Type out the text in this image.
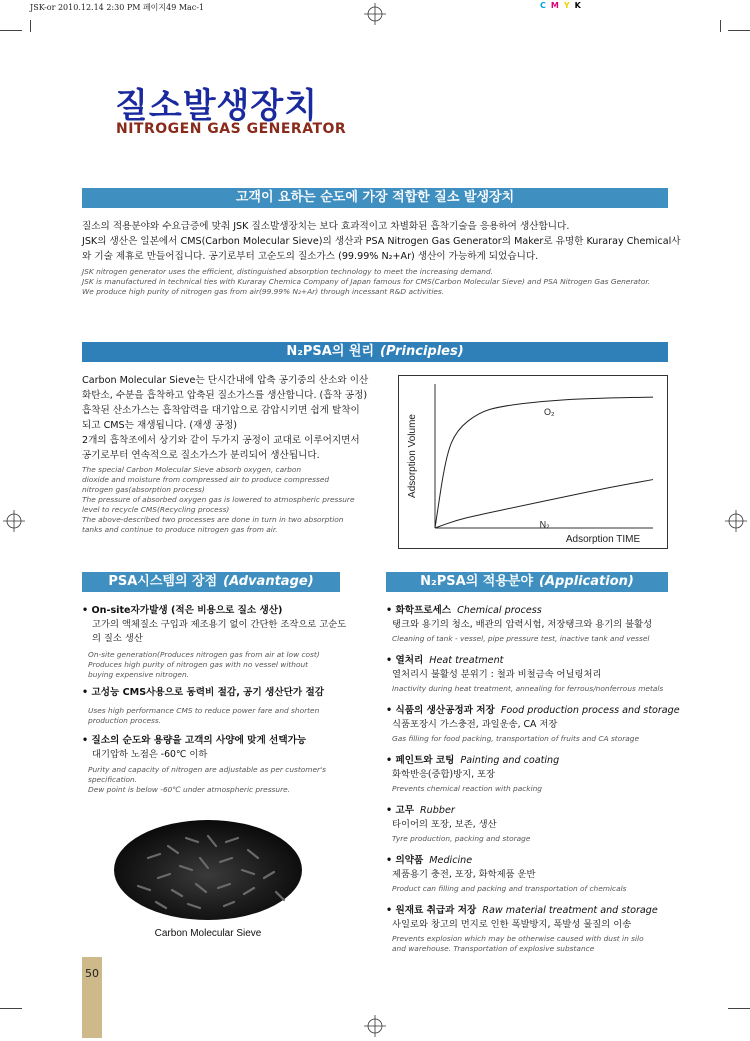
JSK-or 2010.12.14 2:30 PM 페이지49 Mac-1	CMYK
질소발생장치
NITROGEN GAS GENERATOR
고객이 요하는 순도에 가장 적합한 질소 발생장치
질소의 적용분야와 수요급증에 맞춰 JSK 질소발생장치는 보다 효과적이고 차별화된 흡착기술을 응용하여 생산합니다.
JSK의 생산은 일본에서 CMS(Carbon Molecular Sieve)의 생산과 PSA Nitrogen Gas Generator의 Maker로 유명한 Kuraray Chemical사
와 기술 제휴로 만들어집니다. 공기로부터 고순도의 질소가스 (99.99% N₂+Ar) 생산이 가능하게 되었습니다.
JSK nitrogen generator uses the efficient, distinguished absorption technology to meet the increasing demand.
JSK is manufactured in technical ties with Kuraray Chemica Company of Japan famous for CMS(Carbon Molecular Sieve) and PSA Nitrogen Gas Generator.
We produce high purity of nitrogen gas from air(99.99% N₂+Ar) through incessant R&D activities.
N₂PSA의 원리 (Principles)
Carbon Molecular Sieve는 단시간내에 압축 공기중의 산소와 이산
화탄소, 수분을 흡착하고 압축된 질소가스를 생산합니다. (흡착 공정)
흡착된 산소가스는 흡착압력을 대기압으로 감압시키면 쉽게 탈착이
되고 CMS는 재생됩니다. (재생 공정)
2개의 흡착조에서 상기와 같이 두가지 공정이 교대로 이루어지면서
공기로부터 연속적으로 질소가스가 분리되어 생산됩니다.
The special Carbon Molecular Sieve absorb oxygen, carbon
dioxide and moisture from compressed air to produce compressed
nitrogen gas(absorption process)
The pressure of absorbed oxygen gas is lowered to atmospheric pressure
level to recycle CMS(Recycling process)
The above-described two processes are done in turn in two absorption
tanks and continue to produce nitrogen gas from air.
Adsorption Volume
Adsorption TIME
O₂
N₂
PSA시스템의 장점 (Advantage)
• On-site자가발생 (적은 비용으로 질소 생산)
고가의 액체질소 구입과 제조용기 없이 간단한 조작으로 고순도
의 질소 생산
On-site generation(Produces nitrogen gas from air at low cost)
Produces high purity of nitrogen gas with no vessel without
buying expensive nitrogen.
• 고성능 CMS사용으로 동력비 절감, 공기 생산단가 절감
Uses high performance CMS to reduce power fare and shorten
production process.
• 질소의 순도와 용량을 고객의 사양에 맞게 선택가능
대기압하 노점은 -60℃ 이하
Purity and capacity of nitrogen are adjustable as per customer's
specification.
Dew point is below -60℃ under atmospheric pressure.
Carbon Molecular Sieve
N₂PSA의 적용분야 (Application)
• 화학프로세스 Chemical process
탱크와 용기의 청소, 배관의 압력시험, 저장탱크와 용기의 불활성
Cleaning of tank - vessel, pipe pressure test, inactive tank and vessel
• 열처리 Heat treatment
열처리시 불활성 분위기 : 철과 비철금속 어닐링처리
Inactivity during heat treatment, annealing for ferrous/nonferrous metals
• 식품의 생산공정과 저장 Food production process and storage
식품포장시 가스충전, 과일운송, CA 저장
Gas filling for food packing, transportation of fruits and CA storage
• 페인트와 코팅 Painting and coating
화학반응(중합)방지, 포장
Prevents chemical reaction with packing
• 고무 Rubber
타이어의 포장, 보존, 생산
Tyre production, packing and storage
• 의약품 Medicine
제품용기 충전, 포장, 화학제품 운반
Product can filling and packing and transportation of chemicals
• 원재료 취급과 저장 Raw material treatment and storage
사일로와 창고의 먼지로 인한 폭발방지, 폭발성 물질의 이송
Prevents explosion which may be otherwise caused with dust in silo
and warehouse. Transportation of explosive substance
50
